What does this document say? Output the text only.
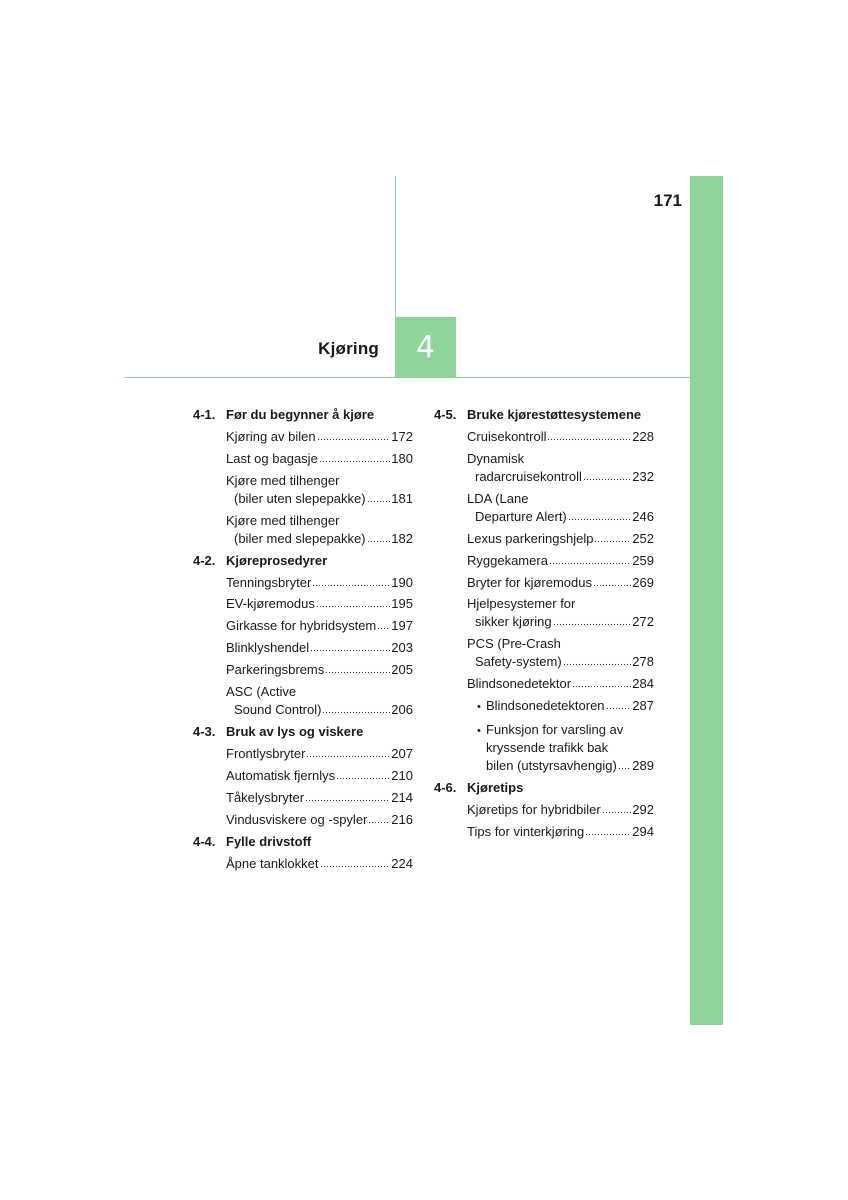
171
Kjøring 4
4-1. Før du begynner å kjøre
Kjøring av bilen	172
Last og bagasje	180
Kjøre med tilhenger
(biler uten slepepakke) 181
Kjøre med tilhenger
(biler med slepepakke) 182
4-2. Kjøreprosedyrer
Tenningsbryter	190
EV-kjøremodus	195
Girkasse for hybridsystem 197
Blinklyshendel	203
Parkeringsbrems	205
ASC (Active
Sound Control)	206
4-3. Bruk av lys og viskere
Frontlysbryter	207
Automatisk fjernlys	210
Tåkelysbryter	214
Vindusviskere og -spyler 216
4-4. Fylle drivstoff
Åpne tanklokket	224
4-5. Bruke kjørestøttesystemene
Cruisekontroll	228
Dynamisk
radarcruisekontroll	232
LDA (Lane
Departure Alert)	246
Lexus parkeringshjelp	252
Ryggekamera	259
Bryter for kjøremodus	269
Hjelpesystemer for
sikker kjøring	272
PCS (Pre-Crash
Safety-system)	278
Blindsonedetektor	284
• Blindsonedetektoren 287
• Funksjon for varsling av
kryssende trafikk bak
bilen (utstyrsavhengig) 289
4-6. Kjøretips
Kjøretips for hybridbiler 292
Tips for vinterkjøring	294
